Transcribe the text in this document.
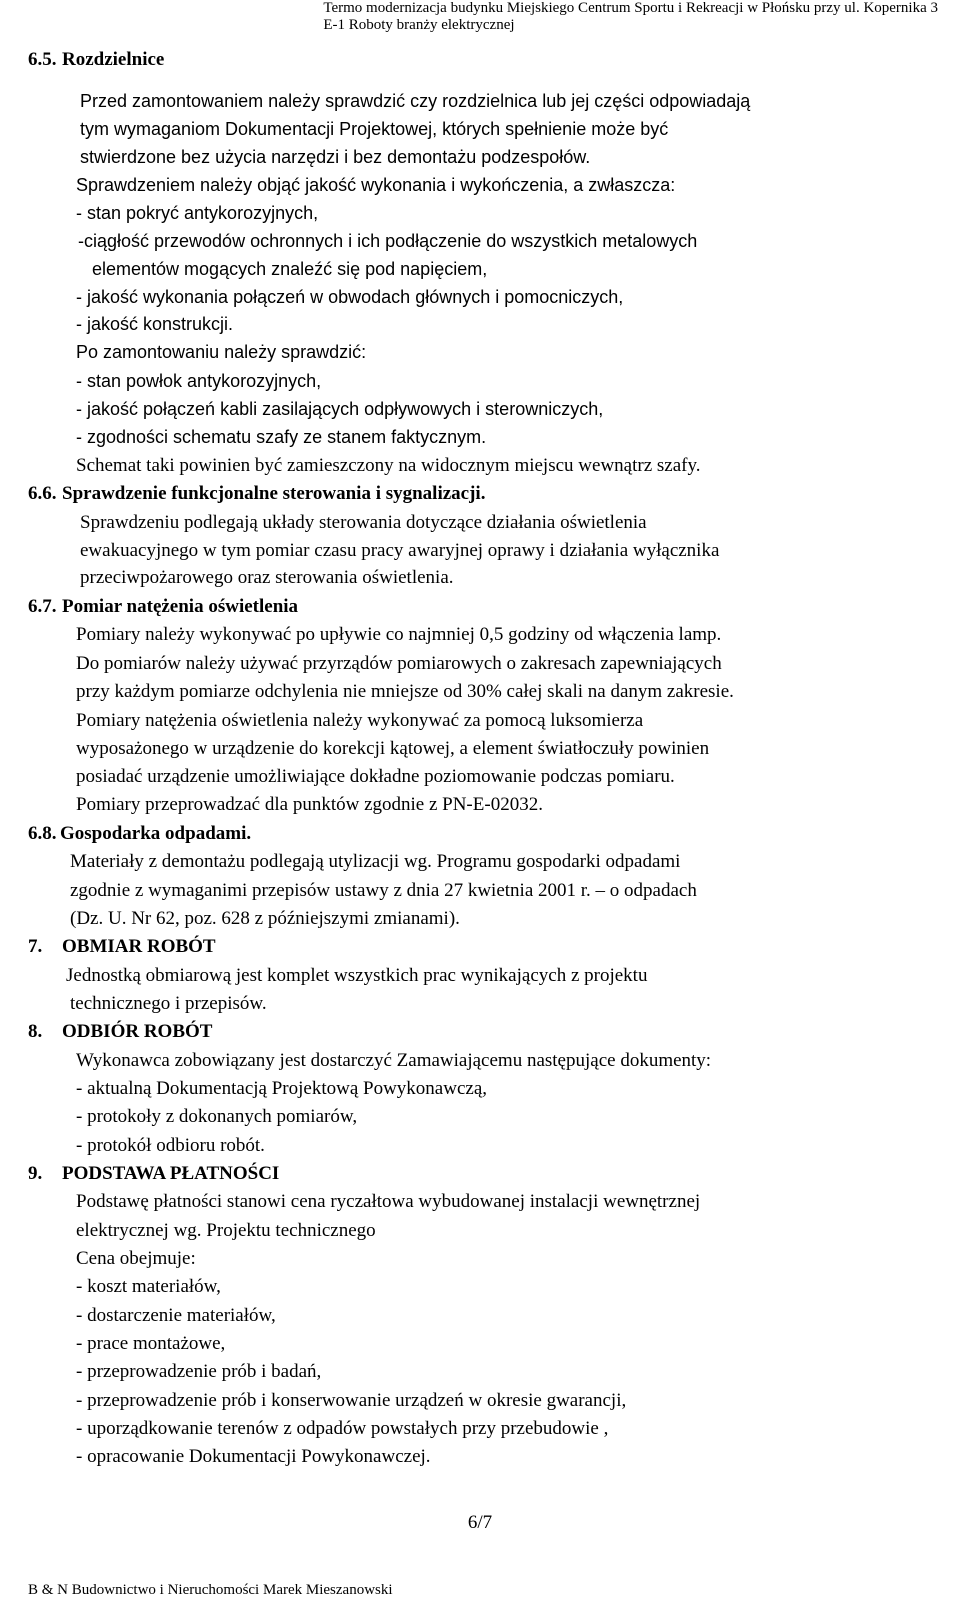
Termo modernizacja budynku Miejskiego Centrum Sportu i Rekreacji w Płońsku przy ul. Kopernika 3
E-1 Roboty branży elektrycznej
6.5. Rozdzielnice
Przed zamontowaniem należy sprawdzić czy rozdzielnica lub jej części odpowiadają
tym wymaganiom Dokumentacji Projektowej, których spełnienie może być
stwierdzone bez użycia narzędzi i bez demontażu podzespołów.
Sprawdzeniem należy objąć jakość wykonania i wykończenia, a zwłaszcza:
- stan pokryć antykorozyjnych,
-ciągłość przewodów ochronnych i ich podłączenie do wszystkich metalowych
elementów mogących znaleźć się pod napięciem,
- jakość wykonania połączeń w obwodach głównych i pomocniczych,
- jakość konstrukcji.
Po zamontowaniu należy sprawdzić:
- stan powłok antykorozyjnych,
- jakość połączeń kabli zasilających odpływowych i sterowniczych,
- zgodności schematu szafy ze stanem faktycznym.
Schemat taki powinien być zamieszczony na widocznym miejscu wewnątrz szafy.
6.6. Sprawdzenie funkcjonalne sterowania i sygnalizacji.
Sprawdzeniu podlegają układy sterowania dotyczące działania oświetlenia
ewakuacyjnego w tym pomiar czasu pracy awaryjnej oprawy i działania wyłącznika
przeciwpożarowego oraz sterowania oświetlenia.
6.7. Pomiar natężenia oświetlenia
Pomiary należy wykonywać po upływie co najmniej 0,5 godziny od włączenia lamp.
Do pomiarów należy używać przyrządów pomiarowych o zakresach zapewniających
przy każdym pomiarze odchylenia nie mniejsze od 30% całej skali na danym zakresie.
Pomiary natężenia oświetlenia należy wykonywać za pomocą luksomierza
wyposażonego w urządzenie do korekcji kątowej, a element światłoczuły powinien
posiadać urządzenie umożliwiające dokładne poziomowanie podczas pomiaru.
Pomiary przeprowadzać dla punktów zgodnie z PN-E-02032.
6.8. Gospodarka odpadami.
Materiały z demontażu podlegają utylizacji wg. Programu gospodarki odpadami
zgodnie z wymaganimi przepisów ustawy z dnia 27 kwietnia 2001 r. – o odpadach
(Dz. U. Nr 62, poz. 628 z późniejszymi zmianami).
7. OBMIAR ROBÓT
Jednostką obmiarową jest komplet wszystkich prac wynikających z projektu
technicznego i przepisów.
8. ODBIÓR ROBÓT
Wykonawca zobowiązany jest dostarczyć Zamawiającemu następujące dokumenty:
- aktualną Dokumentacją Projektową Powykonawczą,
- protokoły z dokonanych pomiarów,
- protokół odbioru robót.
9. PODSTAWA PŁATNOŚCI
Podstawę płatności stanowi cena ryczałtowa wybudowanej instalacji wewnętrznej
elektrycznej wg. Projektu technicznego
Cena obejmuje:
- koszt materiałów,
- dostarczenie materiałów,
- prace montażowe,
- przeprowadzenie prób i badań,
- przeprowadzenie prób i konserwowanie urządzeń w okresie gwarancji,
- uporządkowanie terenów z odpadów powstałych przy przebudowie ,
- opracowanie Dokumentacji Powykonawczej.
6/7
B & N Budownictwo i Nieruchomości Marek Mieszanowski
